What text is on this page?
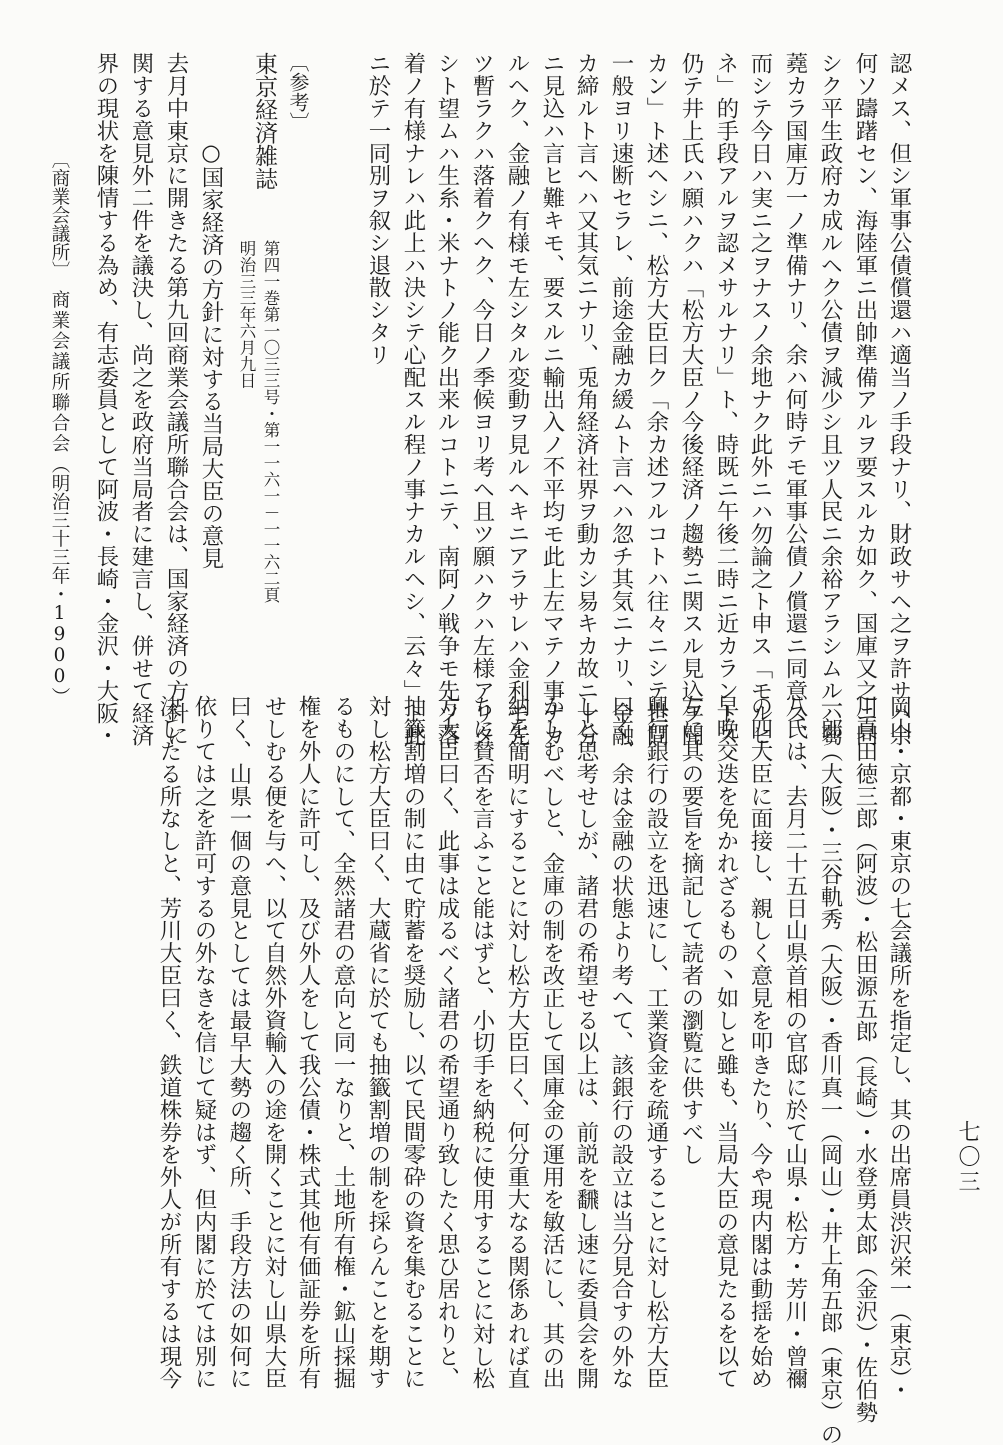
七〇三
認メス、但シ軍事公債償還ハ適当ノ手段ナリ、財政サヘ之ヲ許サハ余
何ソ躊躇セン、海陸軍ニ出帥準備アルヲ要スルカ如ク、国庫又之ニ同
シク平生政府カ成ルヘク公債ヲ減少シ且ツ人民ニ余裕アラシムルハ蒭
蕘カラ国庫万一ノ準備ナリ、余ハ何時テモ軍事公債ノ償還ニ同意ス、
而シテ今日ハ実ニ之ヲナスノ余地ナク此外ニハ勿論之ト申ス「モルヒ
ネ」的手段アルヲ認メサルナリ」ト、時既ニ午後二時ニ近カラントス
仍テ井上氏ハ願ハクハ「松方大臣ノ今後経済ノ趨勢ニ関スル見込ヲ聞
カン」ト述ヘシニ、松方大臣曰ク「余カ述フルコトハ往々ニシテ世間
一般ヨリ速断セラレ、前途金融カ緩ムト言ヘハ忽チ其気ニナリ、金融
カ締ルト言ヘハ又其気ニナリ、兎角経済社界ヲ動カシ易キカ故ニ十分
ニ見込ハ言ヒ難キモ、要スルニ輸出入ノ不平均モ此上左マテノ事ナカ
ルヘク、金融ノ有様モ左シタル変動ヲ見ルヘキニアラサレハ金利モ先
ツ暫ラクハ落着クヘク、今日ノ季候ヨリ考ヘ且ツ願ハクハ左様アリタ
シト望ムハ生糸・米ナトノ能ク出来ルコトニテ、南阿ノ戦争モ先ツ落
着ノ有様ナレハ此上ハ決シテ心配スル程ノ事ナカルヘシ、云々」ト此
ニ於テ一同別ヲ叙シ退散シタリ
〔参考〕
東京経済雑誌
第四一巻第一〇三三号・第一一六一－一一六二頁
明治三三年六月九日
○国家経済の方針に対する当局大臣の意見
去月中東京に開きたる第九回商業会議所聯合会は、国家経済の方針に
関する意見外二件を議決し、尚之を政府当局者に建言し、併せて経済
界の現状を陳情する為め、有志委員として阿波・長崎・金沢・大阪・
岡山・京都・東京の七会議所を指定し、其の出席員渋沢栄一（東京）・
川真田徳三郎（阿波）・松田源五郎（長崎）・水登勇太郎（金沢）・佐伯勢
一郎（大阪）・三谷軌秀（大阪）・香川真一（岡山）・井上角五郎（東京）の
八氏は、去月二十五日山県首相の官邸に於て山県・松方・芳川・曾禰
の四大臣に面接し、親しく意見を叩きたり、今や現内閣は動揺を始め
早晩交迭を免かれざるもの丶如しと雖も、当局大臣の意見たるを以て
左に其の要旨を摘記して読者の瀏覧に供すべし
興行銀行の設立を迅速にし、工業資金を疏通することに対し松方大臣
曰く、余は金融の状態より考へて、該銀行の設立は当分見合すの外な
しと思考せしが、諸君の希望せる以上は、前説を飜し速に委員会を開
かしむべしと、金庫の制を改正して国庫金の運用を敏活にし、其の出
納を簡明にすることに対し松方大臣曰く、何分重大なる関係あれば直
ちに賛否を言ふこと能はずと、小切手を納税に使用することに対し松
方大臣曰く、此事は成るべく諸君の希望通り致したく思ひ居れりと、
抽籤割増の制に由て貯蓄を奨励し、以て民間零砕の資を集むることに
対し松方大臣曰く、大蔵省に於ても抽籤割増の制を採らんことを期す
るものにして、全然諸君の意向と同一なりと、土地所有権・鉱山採掘
権を外人に許可し、及び外人をして我公債・株式其他有価証券を所有
せしむる便を与へ、以て自然外資輸入の途を開くことに対し山県大臣
曰く、山県一個の意見としては最早大勢の趨く所、手段方法の如何に
依りては之を許可するの外なきを信じて疑はず、但内閣に於ては別に
決したる所なしと、芳川大臣曰く、鉄道株券を外人が所有するは現今
〔商業会議所〕
商業会議所聯合会
（明治三十三年・1900）
